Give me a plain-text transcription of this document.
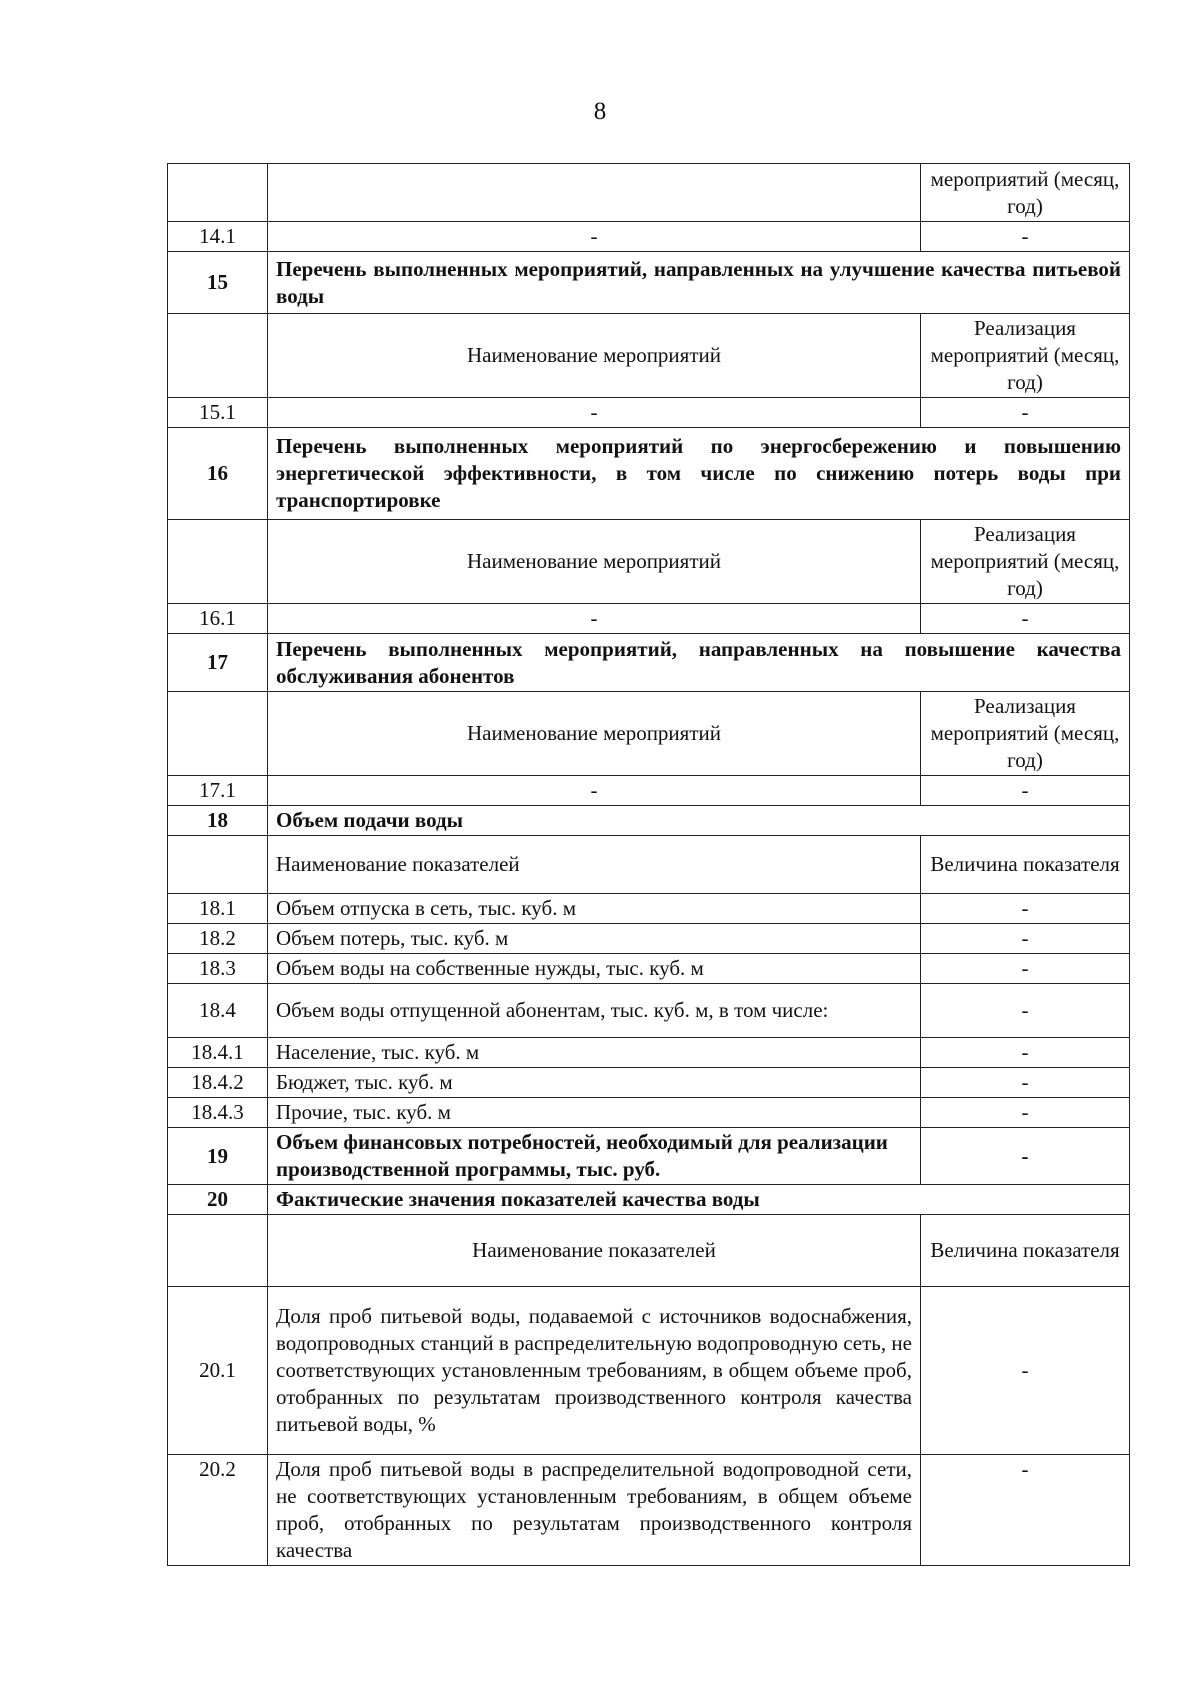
8
		мероприятий (месяц, год)
14.1	-	-
15	Перечень выполненных мероприятий, направленных на улучшение качества питьевой воды	
	Наименование мероприятий	Реализация мероприятий (месяц, год)
15.1	-	-
16	Перечень выполненных мероприятий по энергосбережению и повышению энергетической эффективности, в том числе по снижению потерь воды при транспортировке	
	Наименование мероприятий	Реализация мероприятий (месяц, год)
16.1	-	-
17	Перечень выполненных мероприятий, направленных на повышение качества обслуживания абонентов	
	Наименование мероприятий	Реализация мероприятий (месяц, год)
17.1	-	-
18	Объем подачи воды	
	Наименование показателей	Величина показателя
18.1	Объем отпуска в сеть, тыс. куб. м	-
18.2	Объем потерь, тыс. куб. м	-
18.3	Объем воды на собственные нужды, тыс. куб. м	-
18.4	Объем воды отпущенной абонентам, тыс. куб. м, в том числе:	-
18.4.1	Население, тыс. куб. м	-
18.4.2	Бюджет, тыс. куб. м	-
18.4.3	Прочие, тыс. куб. м	-
19	Объем финансовых потребностей, необходимый для реализации производственной программы, тыс. руб.	-
20	Фактические значения показателей качества воды	
	Наименование показателей	Величина показателя
20.1	Доля проб питьевой воды, подаваемой с источников водоснабжения, водопроводных станций в распределительную водопроводную сеть, не соответствующих установленным требованиям, в общем объеме проб, отобранных по результатам производственного контроля качества питьевой воды, %	-
20.2	Доля проб питьевой воды в распределительной водопроводной сети, не соответствующих установленным требованиям, в общем объеме проб, отобранных по результатам производственного контроля качества	-
